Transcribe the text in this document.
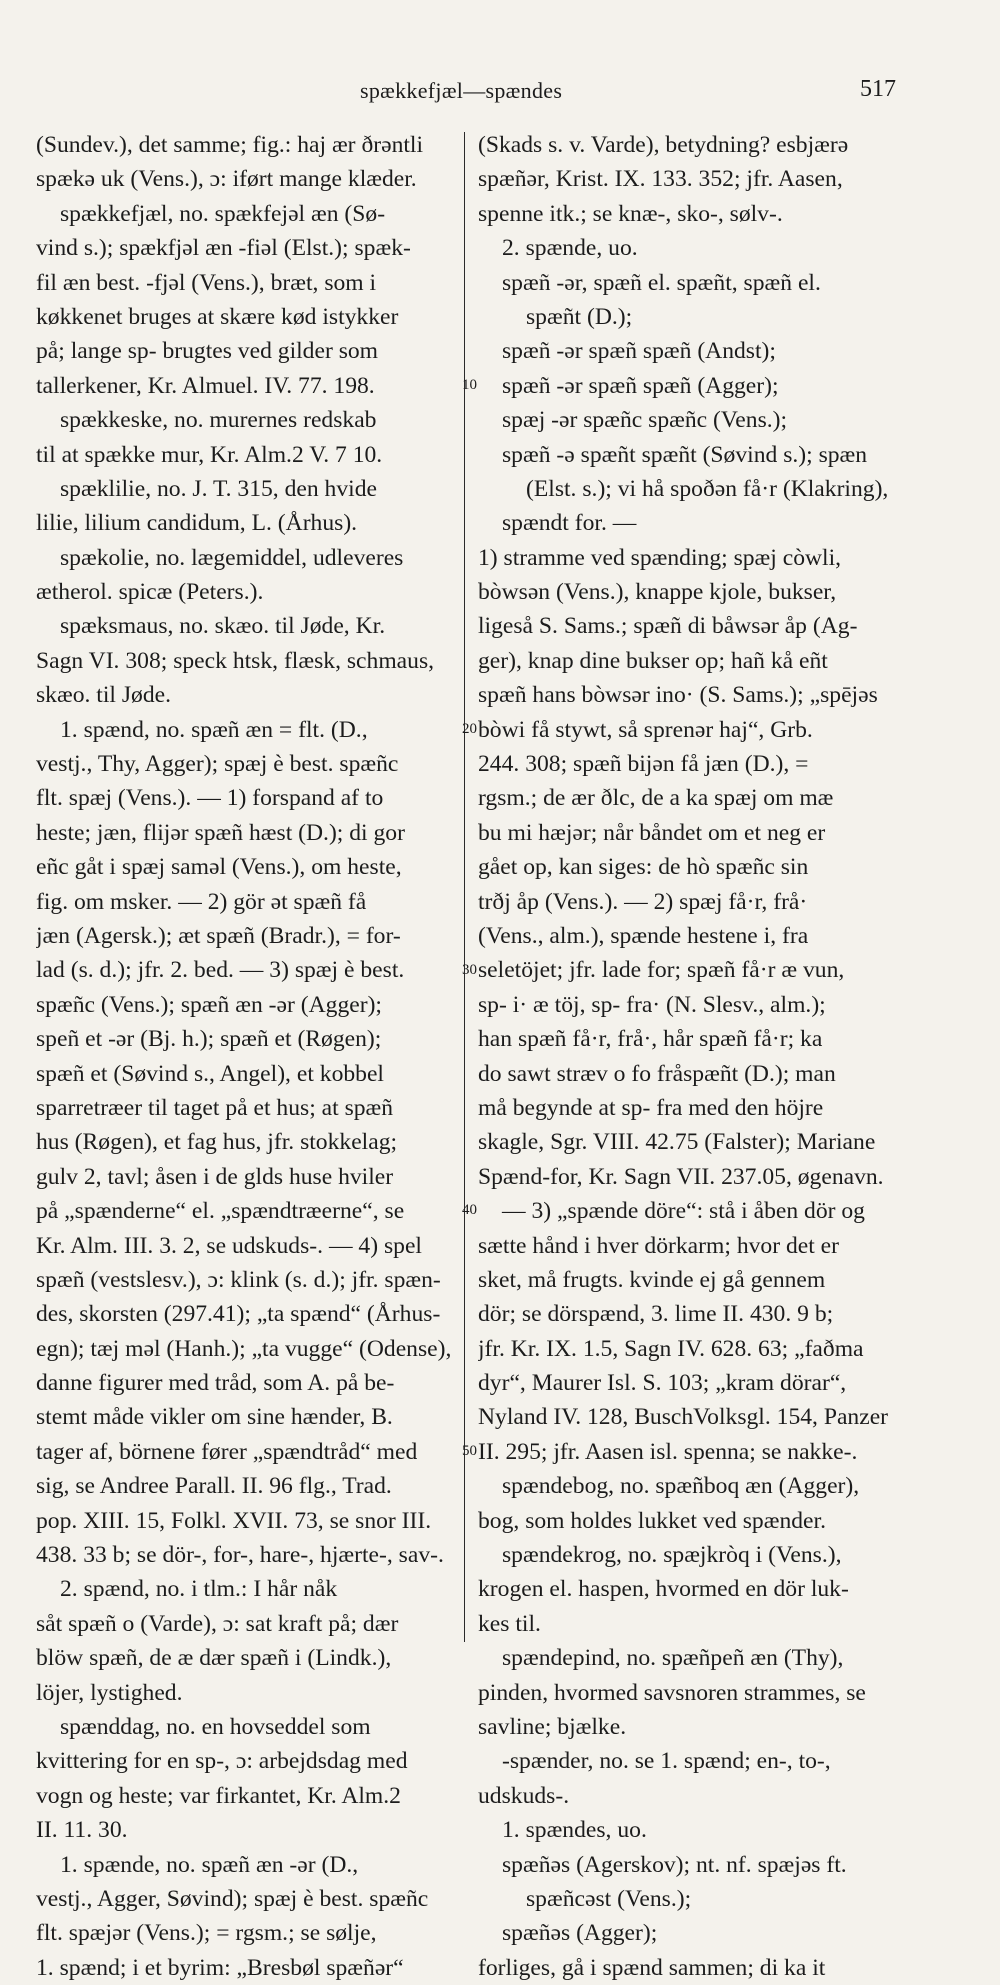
spækkefjæl—spændes	517
(Sundev.), det samme; fig.: haj ær ðrəntli
spækə uk (Vens.), ɔ: iført mange klæder.
spækkefjæl, no. spækfejəl æn (Sø-
vind s.); spækfjəl æn -fiəl (Elst.); spæk-
fil æn best. -fjəl (Vens.), bræt, som i
køkkenet bruges at skære kød istykker
på; lange sp- brugtes ved gilder som
tallerkener, Kr. Almuel. IV. 77. 198.
spækkeske, no. murernes redskab
til at spække mur, Kr. Alm.2 V. 7 10.
spæklilie, no. J. T. 315, den hvide
lilie, lilium candidum, L. (Århus).
spækolie, no. lægemiddel, udleveres
ætherol. spicæ (Peters.).
spæksmaus, no. skæo. til Jøde, Kr.
Sagn VI. 308; speck htsk, flæsk, schmaus,
skæo. til Jøde.
1. spænd, no. spæñ æn = flt. (D.,
vestj., Thy, Agger); spæj è best. spæñc
flt. spæj (Vens.). — 1) forspand af to
heste; jæn, flijər spæñ hæst (D.); di gor
eñc gåt i spæj saməl (Vens.), om heste,
fig. om msker. — 2) gör ət spæñ få
jæn (Agersk.); æt spæñ (Bradr.), = for-
lad (s. d.); jfr. 2. bed. — 3) spæj è best.
spæñc (Vens.); spæñ æn -ər (Agger);
speñ et -ər (Bj. h.); spæñ et (Røgen);
spæñ et (Søvind s., Angel), et kobbel
sparretræer til taget på et hus; at spæñ
hus (Røgen), et fag hus, jfr. stokkelag;
gulv 2, tavl; åsen i de glds huse hviler
på „spænderne“ el. „spændtræerne“, se
Kr. Alm. III. 3. 2, se udskuds-. — 4) spel
spæñ (vestslesv.), ɔ: klink (s. d.); jfr. spæn-
des, skorsten (297.41); „ta spænd“ (Århus-
egn); tæj məl (Hanh.); „ta vugge“ (Odense),
danne figurer med tråd, som A. på be-
stemt måde vikler om sine hænder, B.
tager af, börnene fører „spændtråd“ med
sig, se Andree Parall. II. 96 flg., Trad.
pop. XIII. 15, Folkl. XVII. 73, se snor III.
438. 33 b; se dör-, for-, hare-, hjærte-, sav-.
2. spænd, no. i tlm.: I hår nåk
såt spæñ o (Varde), ɔ: sat kraft på; dær
blöw spæñ, de æ dær spæñ i (Lindk.),
löjer, lystighed.
spænddag, no. en hovseddel som
kvittering for en sp-, ɔ: arbejdsdag med
vogn og heste; var firkantet, Kr. Alm.2
II. 11. 30.
1. spænde, no. spæñ æn -ər (D.,
vestj., Agger, Søvind); spæj è best. spæñc
flt. spæjər (Vens.); = rgsm.; se sølje,
1. spænd; i et byrim: „Bresbøl spæñər“
(Skads s. v. Varde), betydning? esbjærə
spæñər, Krist. IX. 133. 352; jfr. Aasen,
spenne itk.; se knæ-, sko-, sølv-.
2. spænde, uo.
spæñ -ər, spæñ el. spæñt, spæñ el.
spæñt (D.);
spæñ -ər spæñ spæñ (Andst);
spæñ -ər spæñ spæñ (Agger);
spæj -ər spæñc spæñc (Vens.);
spæñ -ə spæñt spæñt (Søvind s.); spæn
(Elst. s.); vi hå spoðən få·r (Klakring),
spændt for. —
1) stramme ved spænding; spæj còwli,
bòwsən (Vens.), knappe kjole, bukser,
ligeså S. Sams.; spæñ di båwsər åp (Ag-
ger), knap dine bukser op; hañ kå eñt
spæñ hans bòwsər ino· (S. Sams.); „spējəs
bòwi få stywt, så sprenər haj“, Grb.
244. 308; spæñ bijən få jæn (D.), =
rgsm.; de ær ðlc, de a ka spæj om mæ
bu mi hæjər; når båndet om et neg er
gået op, kan siges: de hò spæñc sin
trðj åp (Vens.). — 2) spæj få·r, frå·
(Vens., alm.), spænde hestene i, fra
seletöjet; jfr. lade for; spæñ få·r æ vun,
sp- i· æ töj, sp- fra· (N. Slesv., alm.);
han spæñ få·r, frå·, hår spæñ få·r; ka
do sawt stræv o fo fråspæñt (D.); man
må begynde at sp- fra med den höjre
skagle, Sgr. VIII. 42.75 (Falster); Mariane
Spænd-for, Kr. Sagn VII. 237.05, øgenavn.
— 3) „spænde döre“: stå i åben dör og
sætte hånd i hver dörkarm; hvor det er
sket, må frugts. kvinde ej gå gennem
dör; se dörspænd, 3. lime II. 430. 9 b;
jfr. Kr. IX. 1.5, Sagn IV. 628. 63; „faðma
dyr“, Maurer Isl. S. 103; „kram dörar“,
Nyland IV. 128, BuschVolksgl. 154, Panzer
II. 295; jfr. Aasen isl. spenna; se nakke-.
spændebog, no. spæñboq æn (Agger),
bog, som holdes lukket ved spænder.
spændekrog, no. spæjkròq i (Vens.),
krogen el. haspen, hvormed en dör luk-
kes til.
spændepind, no. spæñpeñ æn (Thy),
pinden, hvormed savsnoren strammes, se
savline; bjælke.
-spænder, no. se 1. spænd; en-, to-,
udskuds-.
1. spændes, uo.
spæñəs (Agerskov); nt. nf. spæjəs ft.
spæñcəst (Vens.);
spæñəs (Agger);
forliges, gå i spænd sammen; di ka it
10
20
30
40
50
